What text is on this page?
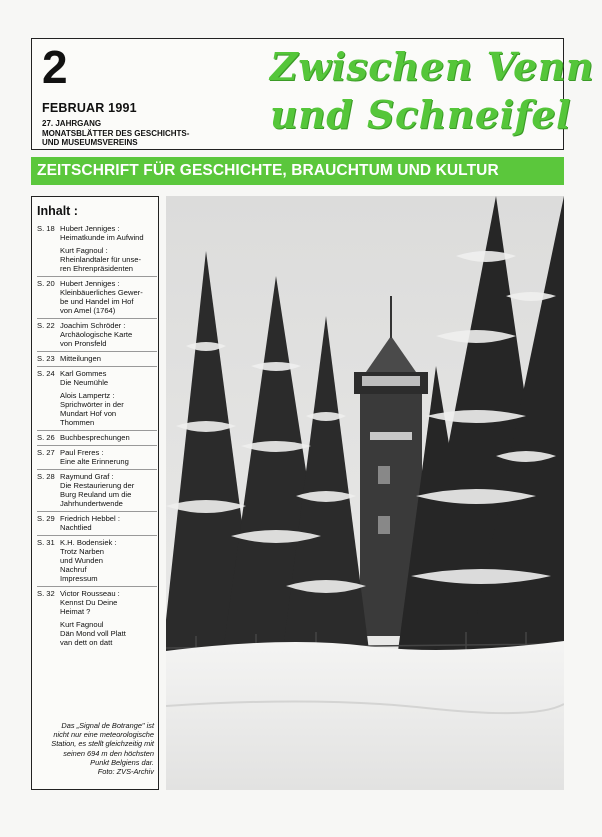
2
FEBRUAR 1991
27. JAHRGANG
MONATSBLÄTTER DES GESCHICHTS-
UND MUSEUMSVEREINS
Zwischen Venn
und Schneifel
ZEITSCHRIFT FÜR GESCHICHTE, BRAUCHTUM UND KULTUR
Inhalt :
S. 18 Hubert Jenniges :
Heimatkunde im Aufwind
Kurt Fagnoul :
Rheinlandtaler für unse-
ren Ehrenpräsidenten
S. 20 Hubert Jenniges :
Kleinbäuerliches Gewer-
be und Handel im Hof
von Amel (1764)
S. 22 Joachim Schröder :
Archäologische Karte
von Pronsfeld
S. 23 Mitteilungen
S. 24 Karl Gommes
Die Neumühle
Alois Lampertz :
Sprichwörter in der
Mundart Hof von
Thommen
S. 26 Buchbesprechungen
S. 27 Paul Freres :
Eine alte Erinnerung
S. 28 Raymund Graf :
Die Restaurierung der
Burg Reuland um die
Jahrhundertwende
S. 29 Friedrich Hebbel :
Nachtlied
S. 31 K.H. Bodensiek :
Trotz Narben
und Wunden
Nachruf
Impressum
S. 32 Victor Rousseau :
Kennst Du Deine
Heimat ?
Kurt Fagnoul
Dän Mond voll Platt
van dett on datt
Das „Signal de Botrange" ist
nicht nur eine meteorologische
Station, es stellt gleichzeitig mit
seinen 694 m den höchsten
Punkt Belgiens dar.
Foto: ZVS-Archiv
